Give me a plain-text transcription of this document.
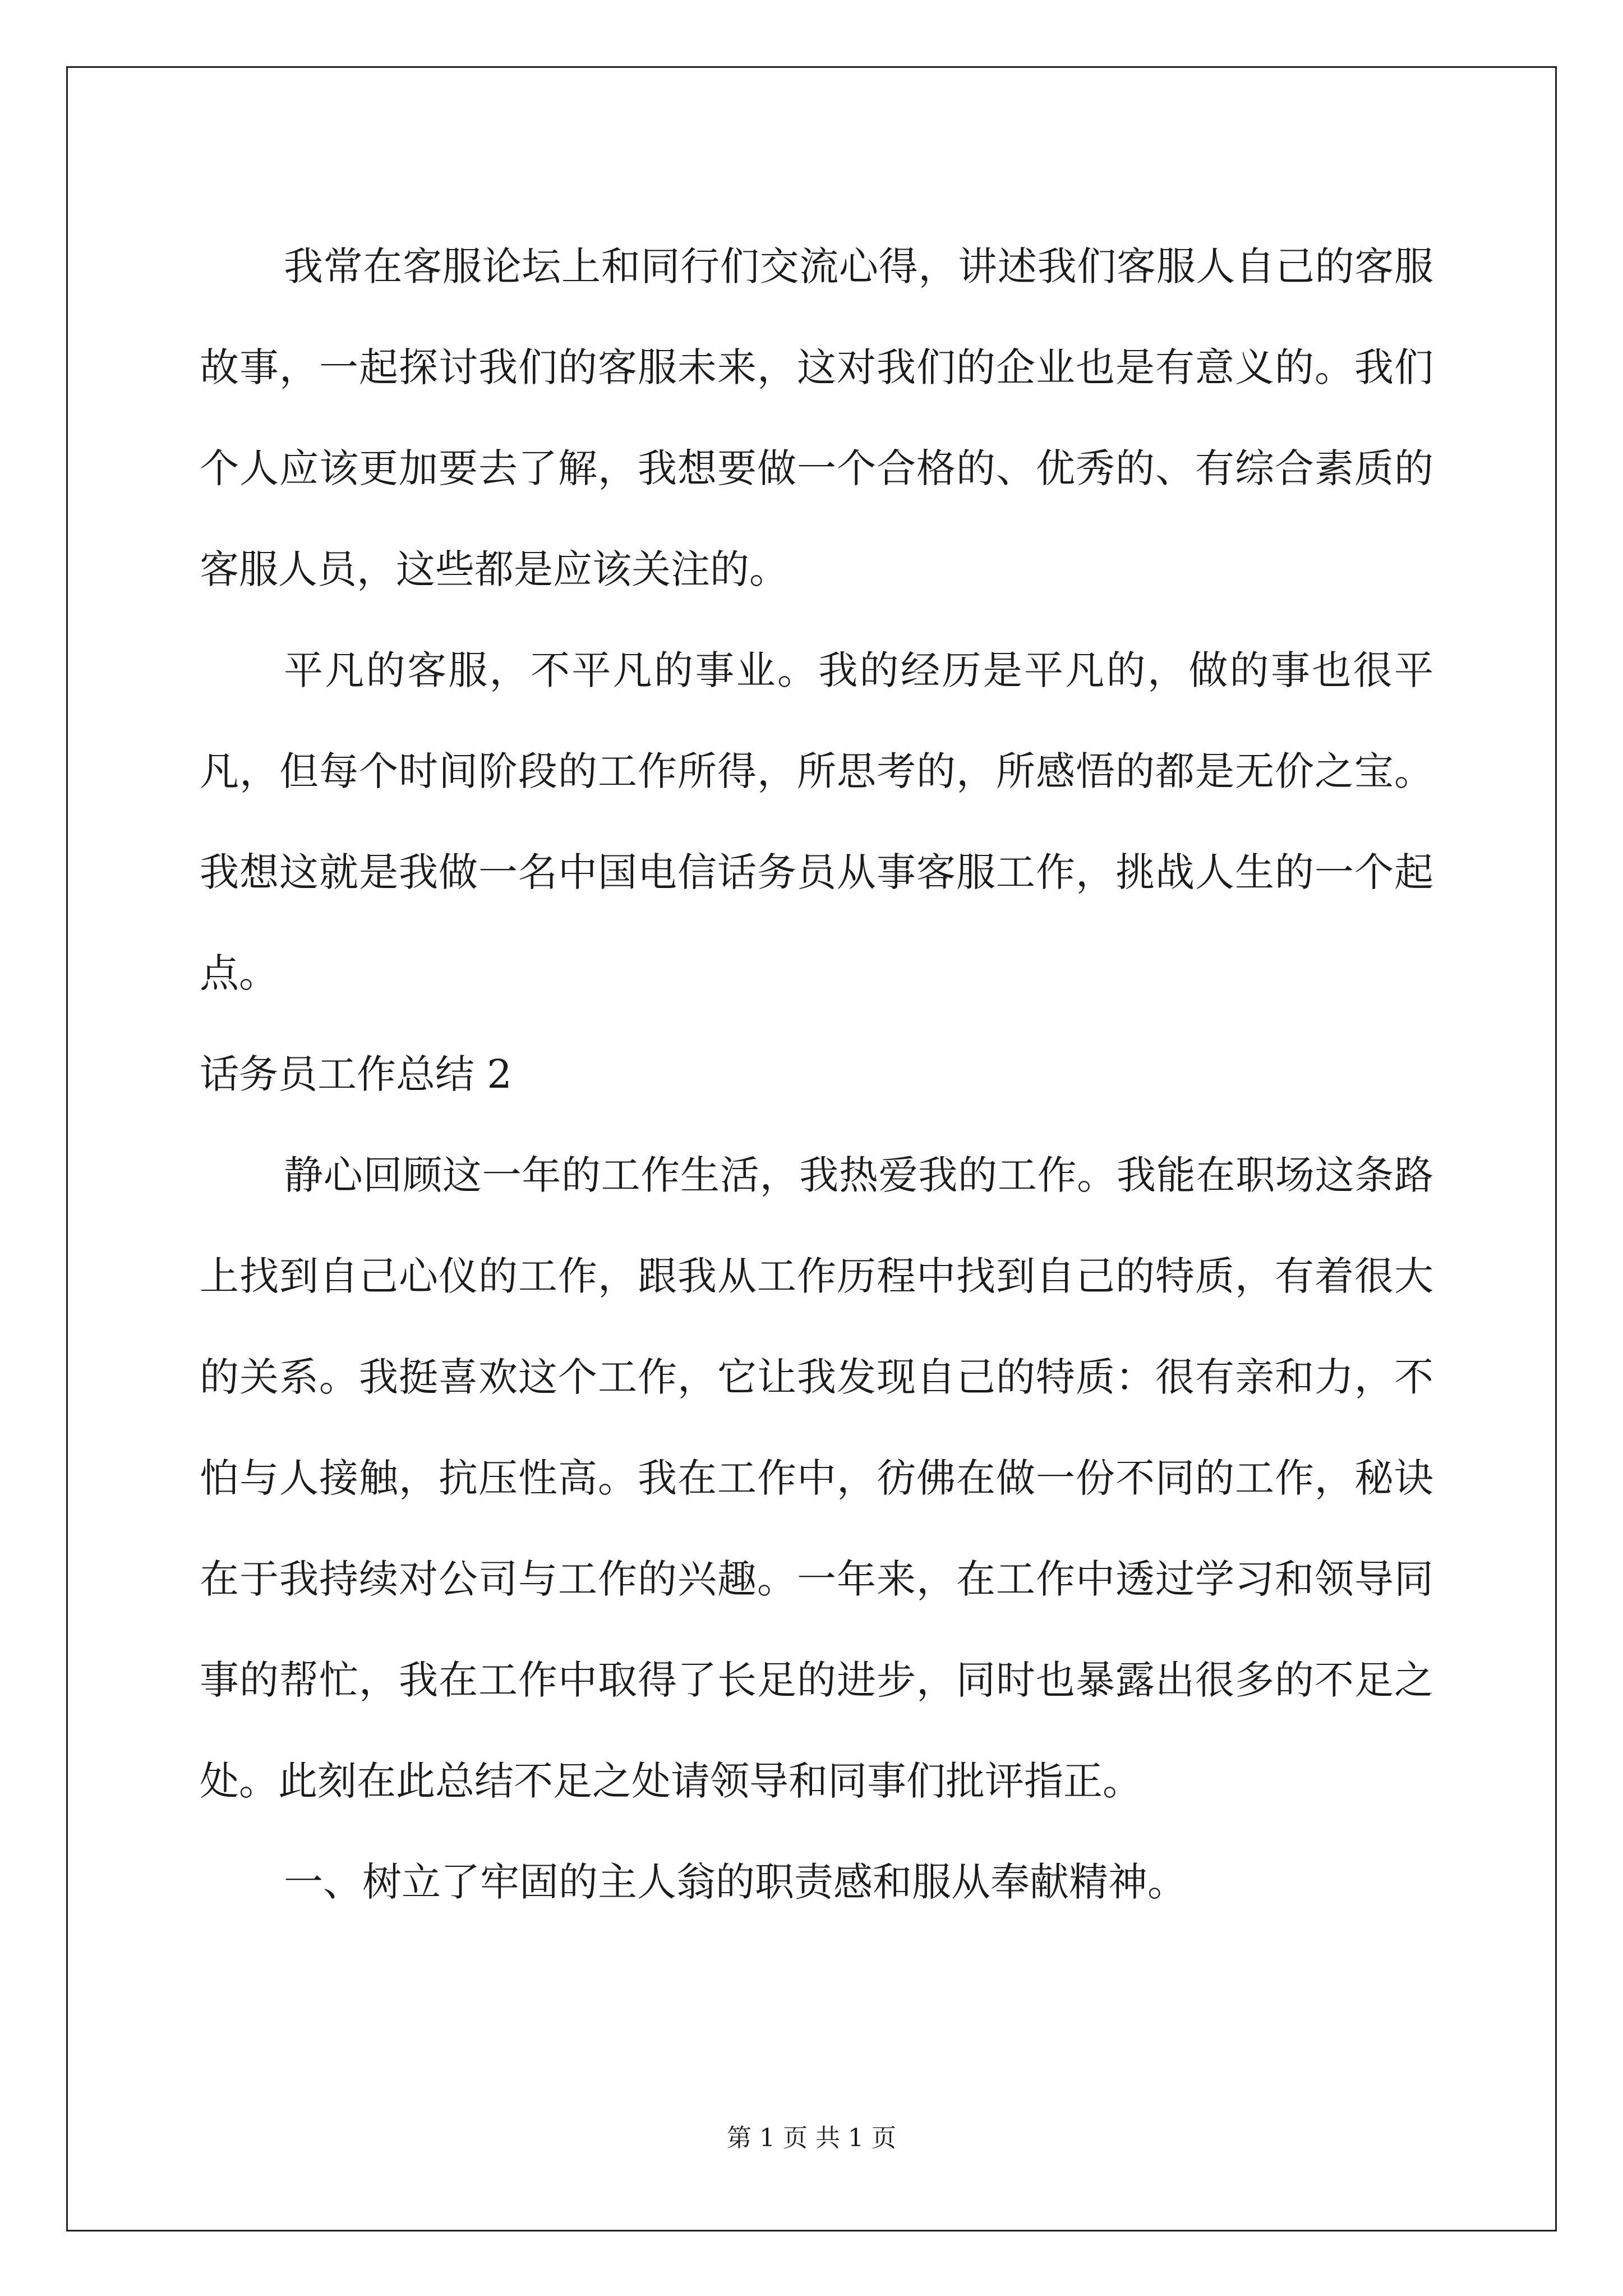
我常在客服论坛上和同行们交流心得，讲述我们客服人自己的客服故事，一起探讨我们的客服未来，这对我们的企业也是有意义的。我们个人应该更加要去了解，我想要做一个合格的、优秀的、有综合素质的客服人员，这些都是应该关注的。

平凡的客服，不平凡的事业。我的经历是平凡的，做的事也很平凡，但每个时间阶段的工作所得，所思考的，所感悟的都是无价之宝。我想这就是我做一名中国电信话务员从事客服工作，挑战人生的一个起点。

话务员工作总结 2

静心回顾这一年的工作生活，我热爱我的工作。我能在职场这条路上找到自己心仪的工作，跟我从工作历程中找到自己的特质，有着很大的关系。我挺喜欢这个工作，它让我发现自己的特质：很有亲和力，不怕与人接触，抗压性高。我在工作中，彷佛在做一份不同的工作，秘诀在于我持续对公司与工作的兴趣。一年来，在工作中透过学习和领导同事的帮忙，我在工作中取得了长足的进步，同时也暴露出很多的不足之处。此刻在此总结不足之处请领导和同事们批评指正。

一、树立了牢固的主人翁的职责感和服从奉献精神。

第 1 页 共 1 页
